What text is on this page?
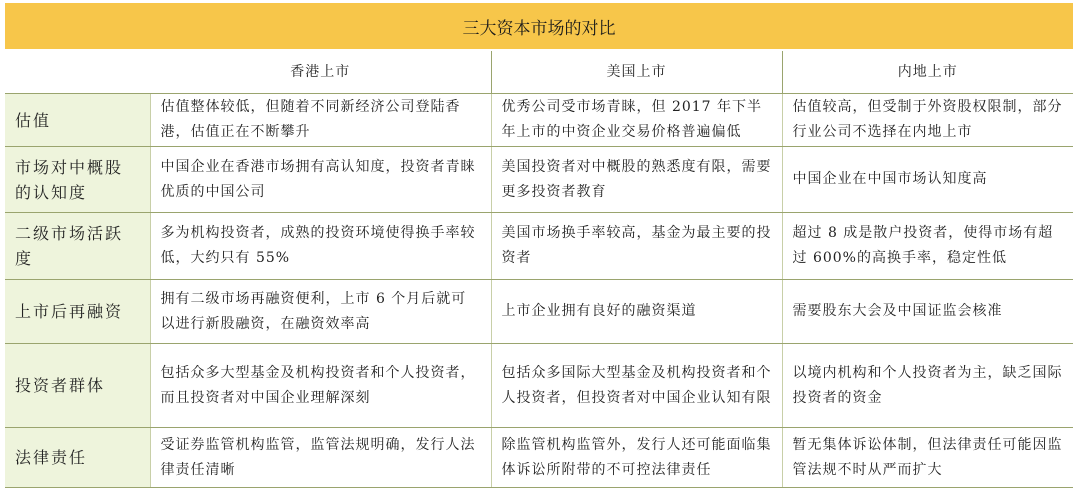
三大资本市场的对比
	香港上市	美国上市	内地上市
估值	估值整体较低，但随着不同新经济公司登陆香港，估值正在不断攀升	优秀公司受市场青睐，但 2017 年下半年上市的中资企业交易价格普遍偏低	估值较高，但受制于外资股权限制，部分行业公司不选择在内地上市
市场对中概股的认知度	中国企业在香港市场拥有高认知度，投资者青睐优质的中国公司	美国投资者对中概股的熟悉度有限，需要更多投资者教育	中国企业在中国市场认知度高
二级市场活跃度	多为机构投资者，成熟的投资环境使得换手率较低，大约只有 55%	美国市场换手率较高，基金为最主要的投资者	超过 8 成是散户投资者，使得市场有超过 600%的高换手率，稳定性低
上市后再融资	拥有二级市场再融资便利，上市 6 个月后就可以进行新股融资，在融资效率高	上市企业拥有良好的融资渠道	需要股东大会及中国证监会核准
投资者群体	包括众多大型基金及机构投资者和个人投资者，而且投资者对中国企业理解深刻	包括众多国际大型基金及机构投资者和个人投资者，但投资者对中国企业认知有限	以境内机构和个人投资者为主，缺乏国际投资者的资金
法律责任	受证券监管机构监管，监管法规明确，发行人法律责任清晰	除监管机构监管外，发行人还可能面临集体诉讼所附带的不可控法律责任	暂无集体诉讼体制，但法律责任可能因监管法规不时从严而扩大
